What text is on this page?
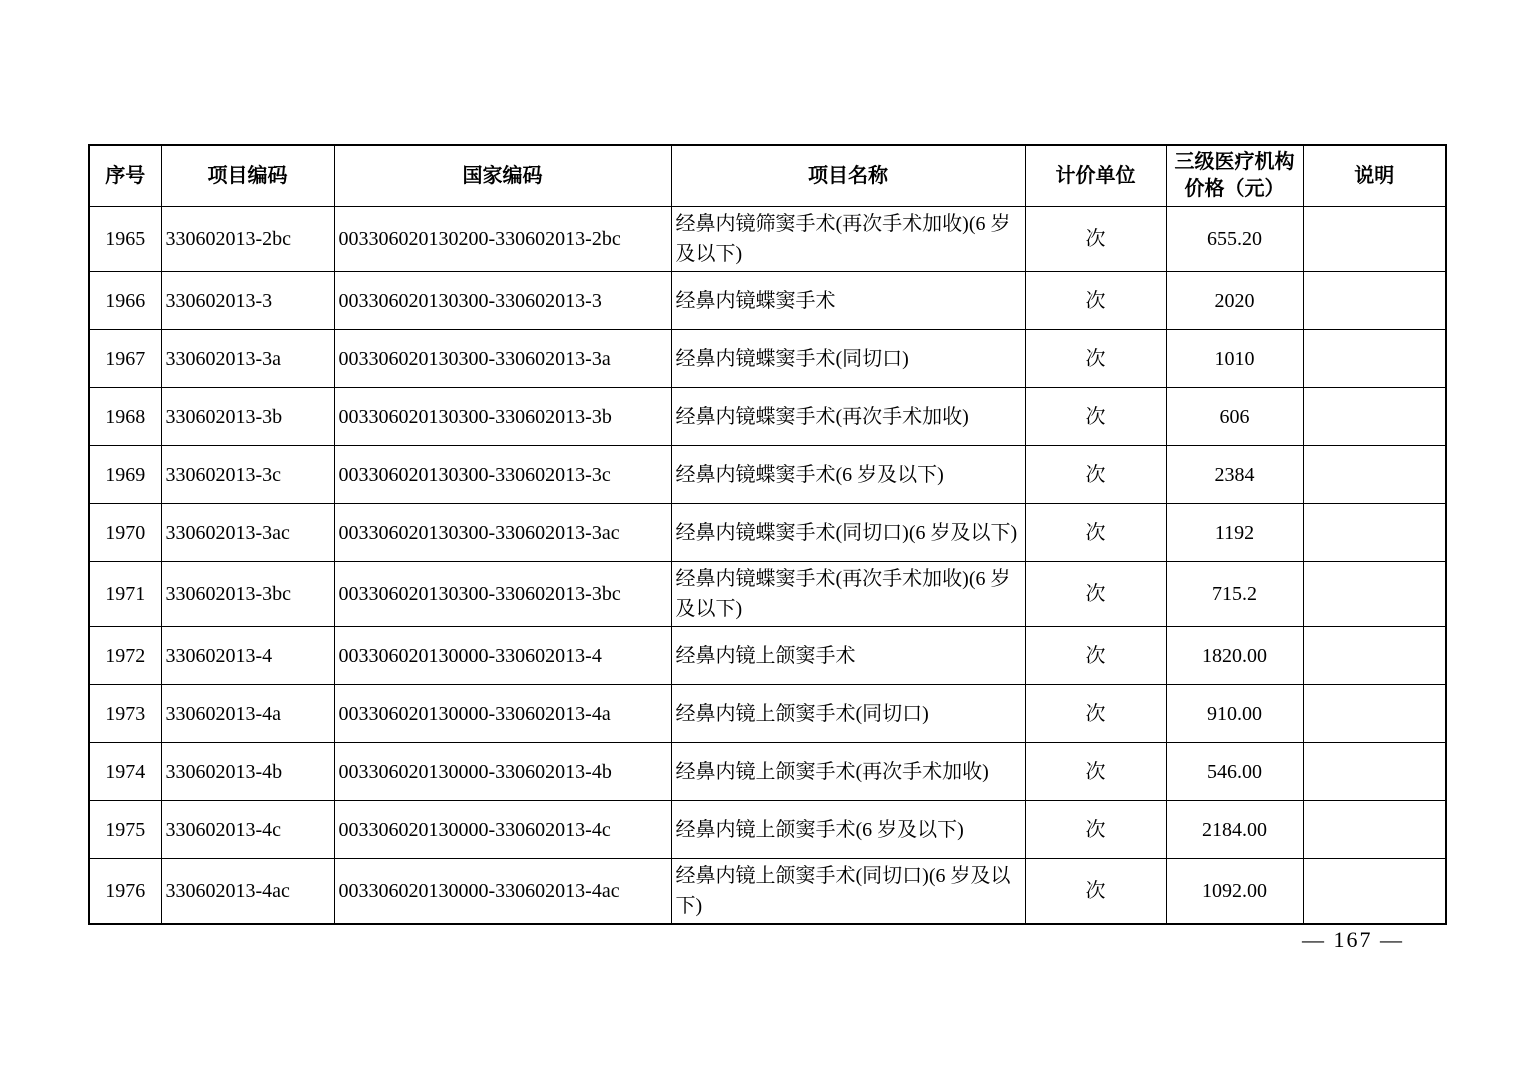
序号	项目编码	国家编码	项目名称	计价单位	三级医疗机构价格（元）	说明
1965	330602013-2bc	003306020130200-330602013-2bc	经鼻内镜筛窦手术(再次手术加收)(6 岁及以下)	次	655.20	
1966	330602013-3	003306020130300-330602013-3	经鼻内镜蝶窦手术	次	2020	
1967	330602013-3a	003306020130300-330602013-3a	经鼻内镜蝶窦手术(同切口)	次	1010	
1968	330602013-3b	003306020130300-330602013-3b	经鼻内镜蝶窦手术(再次手术加收)	次	606	
1969	330602013-3c	003306020130300-330602013-3c	经鼻内镜蝶窦手术(6 岁及以下)	次	2384	
1970	330602013-3ac	003306020130300-330602013-3ac	经鼻内镜蝶窦手术(同切口)(6 岁及以下)	次	1192	
1971	330602013-3bc	003306020130300-330602013-3bc	经鼻内镜蝶窦手术(再次手术加收)(6 岁及以下)	次	715.2	
1972	330602013-4	003306020130000-330602013-4	经鼻内镜上颌窦手术	次	1820.00	
1973	330602013-4a	003306020130000-330602013-4a	经鼻内镜上颌窦手术(同切口)	次	910.00	
1974	330602013-4b	003306020130000-330602013-4b	经鼻内镜上颌窦手术(再次手术加收)	次	546.00	
1975	330602013-4c	003306020130000-330602013-4c	经鼻内镜上颌窦手术(6 岁及以下)	次	2184.00	
1976	330602013-4ac	003306020130000-330602013-4ac	经鼻内镜上颌窦手术(同切口)(6 岁及以下)	次	1092.00	
— 167 —
